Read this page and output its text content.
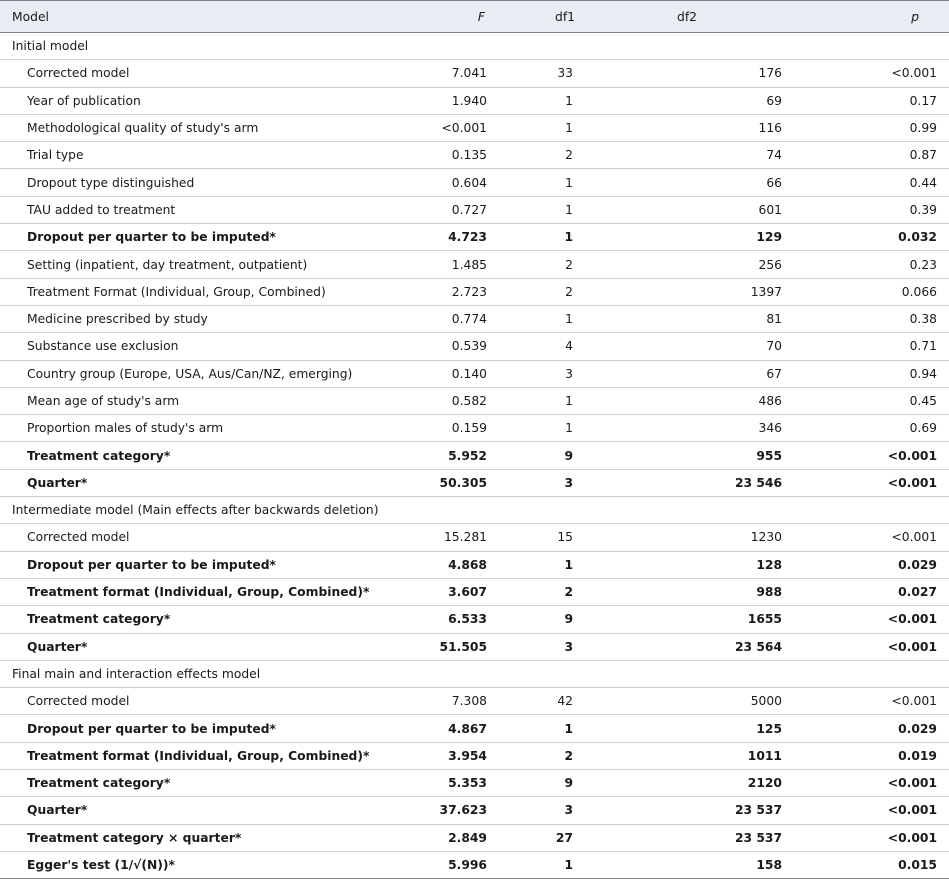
Model	F	df1	df2	p
Initial model				
Corrected model	7.041	33	176	<0.001
Year of publication	1.940	1	69	0.17
Methodological quality of study's arm	<0.001	1	116	0.99
Trial type	0.135	2	74	0.87
Dropout type distinguished	0.604	1	66	0.44
TAU added to treatment	0.727	1	601	0.39
Dropout per quarter to be imputed*	4.723	1	129	0.032
Setting (inpatient, day treatment, outpatient)	1.485	2	256	0.23
Treatment Format (Individual, Group, Combined)	2.723	2	1397	0.066
Medicine prescribed by study	0.774	1	81	0.38
Substance use exclusion	0.539	4	70	0.71
Country group (Europe, USA, Aus/Can/NZ, emerging)	0.140	3	67	0.94
Mean age of study's arm	0.582	1	486	0.45
Proportion males of study's arm	0.159	1	346	0.69
Treatment category*	5.952	9	955	<0.001
Quarter*	50.305	3	23 546	<0.001
Intermediate model (Main effects after backwards deletion)				
Corrected model	15.281	15	1230	<0.001
Dropout per quarter to be imputed*	4.868	1	128	0.029
Treatment format (Individual, Group, Combined)*	3.607	2	988	0.027
Treatment category*	6.533	9	1655	<0.001
Quarter*	51.505	3	23 564	<0.001
Final main and interaction effects model				
Corrected model	7.308	42	5000	<0.001
Dropout per quarter to be imputed*	4.867	1	125	0.029
Treatment format (Individual, Group, Combined)*	3.954	2	1011	0.019
Treatment category*	5.353	9	2120	<0.001
Quarter*	37.623	3	23 537	<0.001
Treatment category × quarter*	2.849	27	23 537	<0.001
Egger's test (1/√(N))*	5.996	1	158	0.015
